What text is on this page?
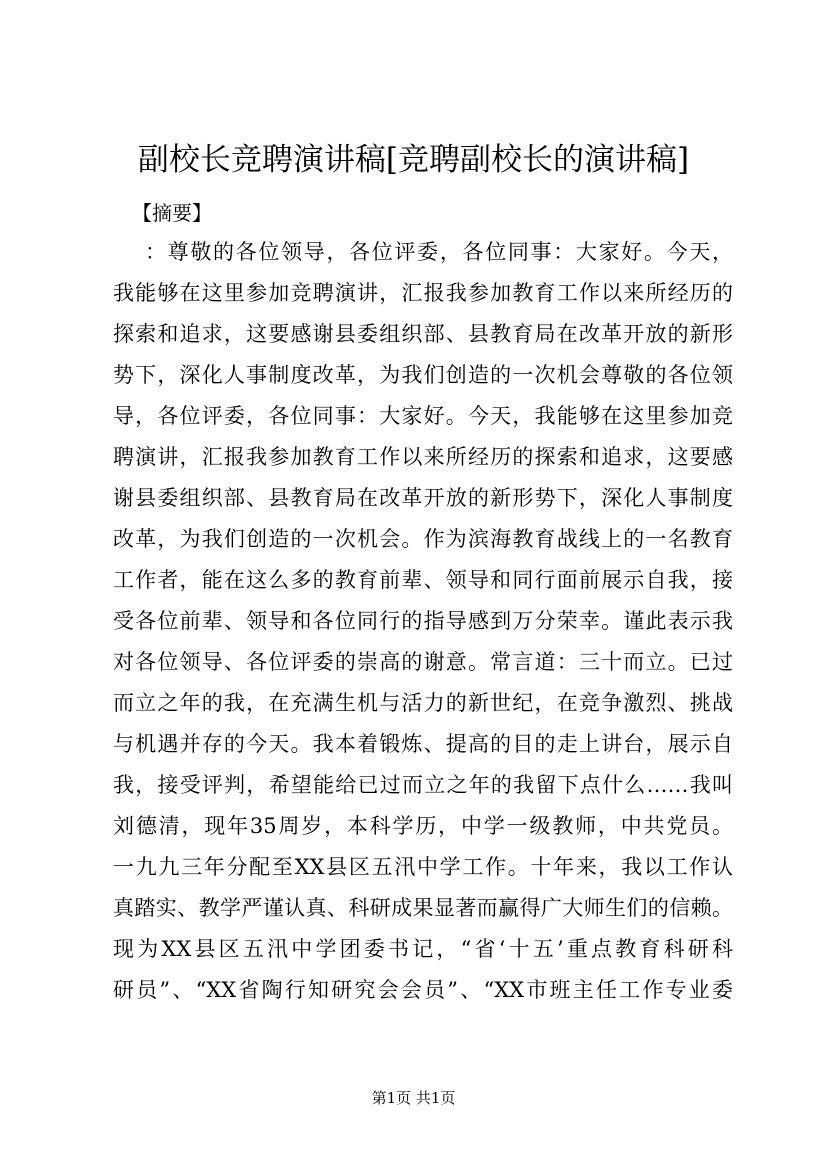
副校长竞聘演讲稿[竞聘副校长的演讲稿]
【摘要】
：尊敬的各位领导，各位评委，各位同事：大家好。今天，
我能够在这里参加竞聘演讲，汇报我参加教育工作以来所经历的
探索和追求，这要感谢县委组织部、县教育局在改革开放的新形
势下，深化人事制度改革，为我们创造的一次机会尊敬的各位领
导，各位评委，各位同事：大家好。今天，我能够在这里参加竞
聘演讲，汇报我参加教育工作以来所经历的探索和追求，这要感
谢县委组织部、县教育局在改革开放的新形势下，深化人事制度
改革，为我们创造的一次机会。作为滨海教育战线上的一名教育
工作者，能在这么多的教育前辈、领导和同行面前展示自我，接
受各位前辈、领导和各位同行的指导感到万分荣幸。谨此表示我
对各位领导、各位评委的崇高的谢意。常言道：三十而立。已过
而立之年的我，在充满生机与活力的新世纪，在竞争激烈、挑战
与机遇并存的今天。我本着锻炼、提高的目的走上讲台，展示自
我，接受评判，希望能给已过而立之年的我留下点什么……我叫
刘德清，现年35周岁，本科学历，中学一级教师，中共党员。
一九九三年分配至XX县区五汛中学工作。十年来，我以工作认
真踏实、教学严谨认真、科研成果显著而赢得广大师生们的信赖。
现为XX县区五汛中学团委书记，“省‘十五’重点教育科研科
研员”、“XX省陶行知研究会会员”、“XX市班主任工作专业委
第1页 共1页
